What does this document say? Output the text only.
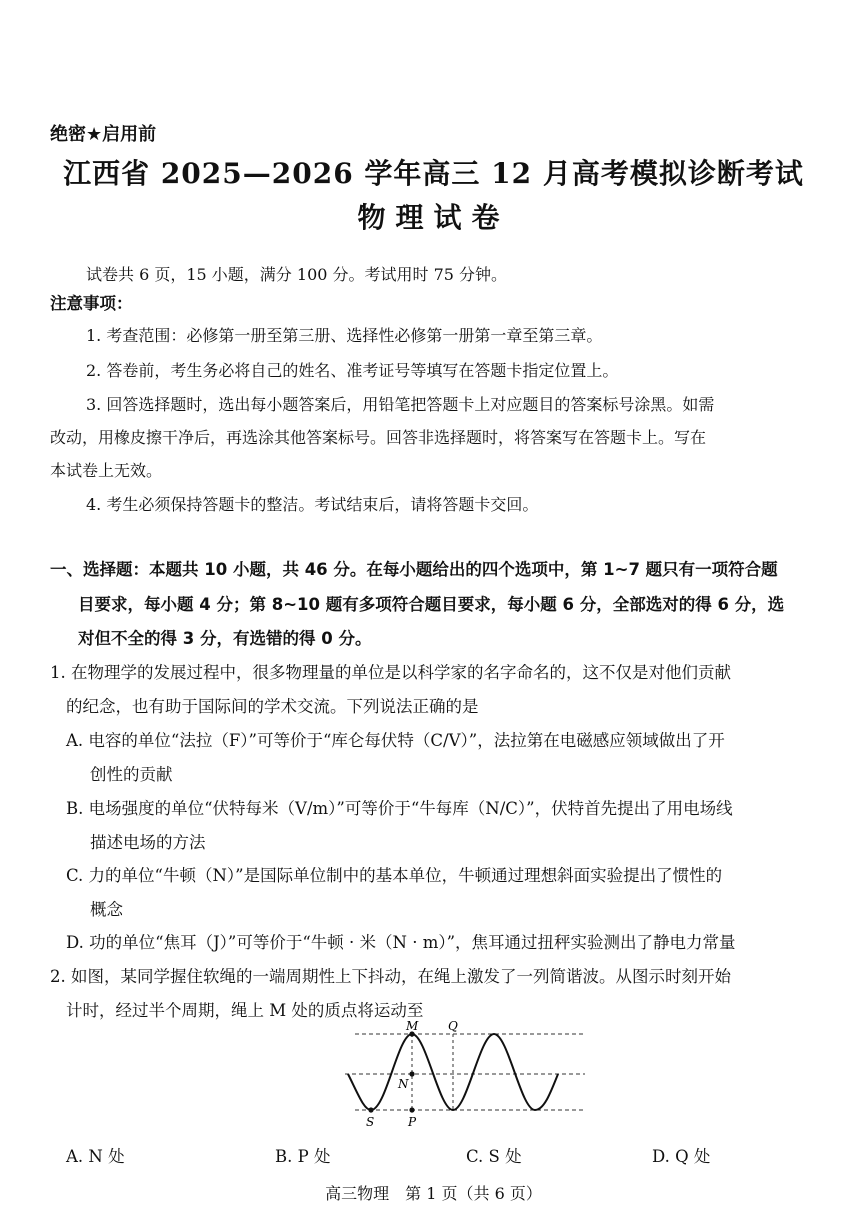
绝密★启用前
江西省 2025—2026 学年高三 12 月高考模拟诊断考试
物理试卷
试卷共 6 页，15 小题，满分 100 分。考试用时 75 分钟。
注意事项：
1. 考查范围：必修第一册至第三册、选择性必修第一册第一章至第三章。
2. 答卷前，考生务必将自己的姓名、准考证号等填写在答题卡指定位置上。
3. 回答选择题时，选出每小题答案后，用铅笔把答题卡上对应题目的答案标号涂黑。如需
改动，用橡皮擦干净后，再选涂其他答案标号。回答非选择题时，将答案写在答题卡上。写在
本试卷上无效。
4. 考生必须保持答题卡的整洁。考试结束后，请将答题卡交回。
一、选择题：本题共 10 小题，共 46 分。在每小题给出的四个选项中，第 1~7 题只有一项符合题
目要求，每小题 4 分；第 8~10 题有多项符合题目要求，每小题 6 分，全部选对的得 6 分，选
对但不全的得 3 分，有选错的得 0 分。
1. 在物理学的发展过程中，很多物理量的单位是以科学家的名字命名的，这不仅是对他们贡献
的纪念，也有助于国际间的学术交流。下列说法正确的是
A. 电容的单位“法拉（F）”可等价于“库仑每伏特（C/V）”，法拉第在电磁感应领域做出了开
创性的贡献
B. 电场强度的单位“伏特每米（V/m）”可等价于“牛每库（N/C）”，伏特首先提出了用电场线
描述电场的方法
C. 力的单位“牛顿（N）”是国际单位制中的基本单位，牛顿通过理想斜面实验提出了惯性的
概念
D. 功的单位“焦耳（J）”可等价于“牛顿 · 米（N · m）”，焦耳通过扭秤实验测出了静电力常量
2. 如图，某同学握住软绳的一端周期性上下抖动，在绳上激发了一列简谐波。从图示时刻开始
计时，经过半个周期，绳上 M 处的质点将运动至
M Q
N
S	P
A. N 处	B. P 处	C. S 处	D. Q 处
高三物理　第 1 页（共 6 页）
